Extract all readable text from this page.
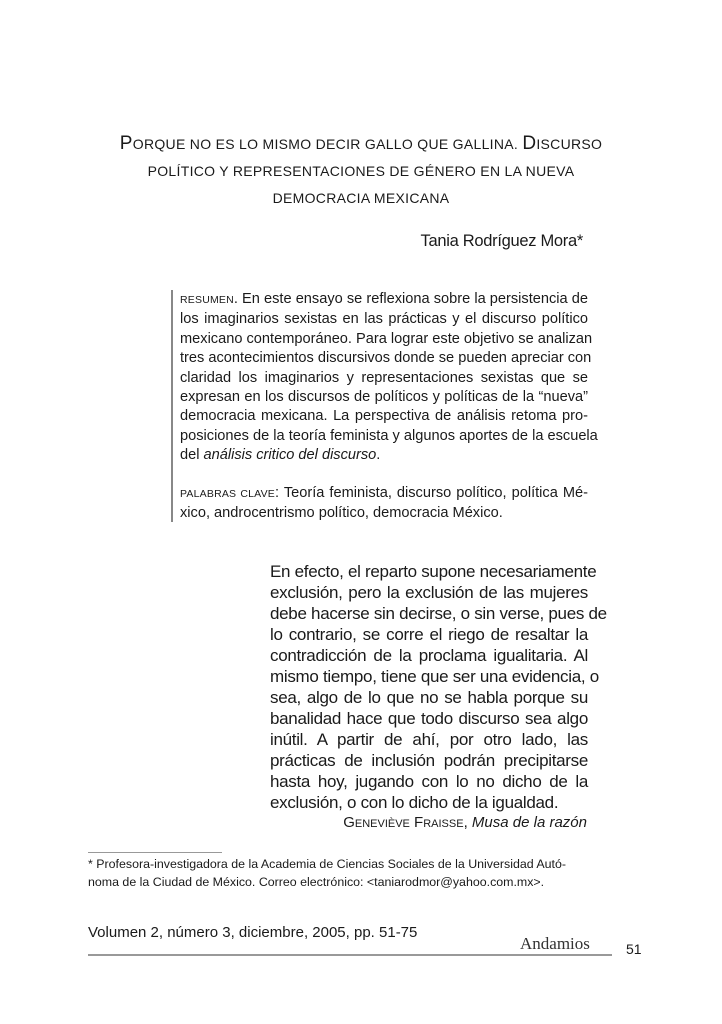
PORQUE NO ES LO MISMO DECIR GALLO QUE GALLINA. DISCURSO
POLÍTICO Y REPRESENTACIONES DE GÉNERO EN LA NUEVA
DEMOCRACIA MEXICANA
Tania Rodríguez Mora*
RESUMEN. En este ensayo se reflexiona sobre la persistencia de
los imaginarios sexistas en las prácticas y el discurso político
mexicano contemporáneo. Para lograr este objetivo se analizan
tres acontecimientos discursivos donde se pueden apreciar con
claridad los imaginarios y representaciones sexistas que se
expresan en los discursos de políticos y políticas de la “nueva”
democracia mexicana. La perspectiva de análisis retoma pro-
posiciones de la teoría feminista y algunos aportes de la escuela
del análisis critico del discurso.
PALABRAS CLAVE: Teoría feminista, discurso político, política Mé-
xico, androcentrismo político, democracia México.
En efecto, el reparto supone necesariamente
exclusión, pero la exclusión de las mujeres
debe hacerse sin decirse, o sin verse, pues de
lo contrario, se corre el riego de resaltar la
contradicción de la proclama igualitaria. Al
mismo tiempo, tiene que ser una evidencia, o
sea, algo de lo que no se habla porque su
banalidad hace que todo discurso sea algo
inútil. A partir de ahí, por otro lado, las
prácticas de inclusión podrán precipitarse
hasta hoy, jugando con lo no dicho de la
exclusión, o con lo dicho de la igualdad.
Geneviève Fraisse, Musa de la razón
* Profesora-investigadora de la Academia de Ciencias Sociales de la Universidad Autó-
noma de la Ciudad de México. Correo electrónico: <taniarodmor@yahoo.com.mx>.
Volumen 2, número 3, diciembre, 2005, pp. 51-75
Andamios	51
